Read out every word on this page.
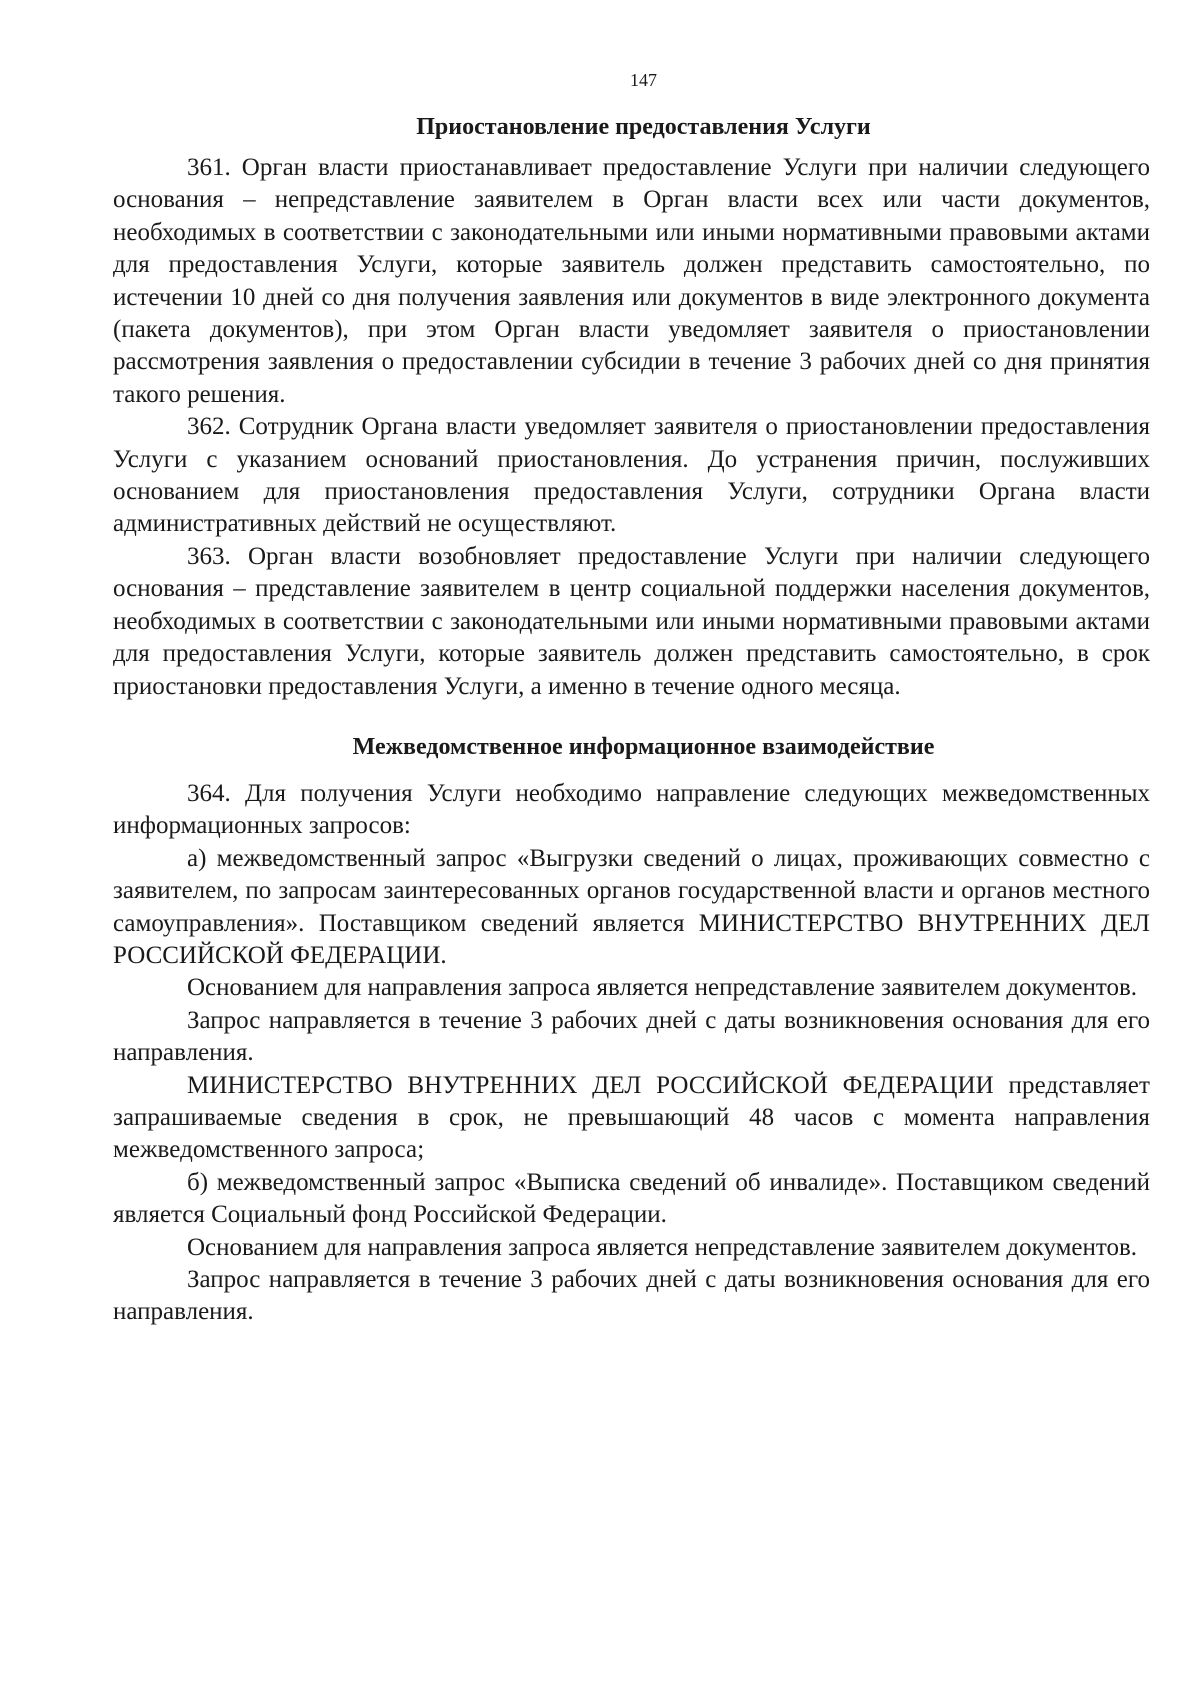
147
Приостановление предоставления Услуги

361. Орган власти приостанавливает предоставление Услуги при наличии следующего основания – непредставление заявителем в Орган власти всех или части документов, необходимых в соответствии с законодательными или иными нормативными правовыми актами для предоставления Услуги, которые заявитель должен представить самостоятельно, по истечении 10 дней со дня получения заявления или документов в виде электронного документа (пакета документов), при этом Орган власти уведомляет заявителя о приостановлении рассмотрения заявления о предоставлении субсидии в течение 3 рабочих дней со дня принятия такого решения.

362. Сотрудник Органа власти уведомляет заявителя о приостановлении предоставления Услуги с указанием оснований приостановления. До устранения причин, послуживших основанием для приостановления предоставления Услуги, сотрудники Органа власти административных действий не осуществляют.

363. Орган власти возобновляет предоставление Услуги при наличии следующего основания – представление заявителем в центр социальной поддержки населения документов, необходимых в соответствии с законодательными или иными нормативными правовыми актами для предоставления Услуги, которые заявитель должен представить самостоятельно, в срок приостановки предоставления Услуги, а именно в течение одного месяца.

Межведомственное информационное взаимодействие

364. Для получения Услуги необходимо направление следующих межведомственных информационных запросов:

а) межведомственный запрос «Выгрузки сведений о лицах, проживающих совместно с заявителем, по запросам заинтересованных органов государственной власти и органов местного самоуправления». Поставщиком сведений является МИНИСТЕРСТВО ВНУТРЕННИХ ДЕЛ РОССИЙСКОЙ ФЕДЕРАЦИИ.

Основанием для направления запроса является непредставление заявителем документов.

Запрос направляется в течение 3 рабочих дней с даты возникновения основания для его направления.

МИНИСТЕРСТВО ВНУТРЕННИХ ДЕЛ РОССИЙСКОЙ ФЕДЕРАЦИИ представляет запрашиваемые сведения в срок, не превышающий 48 часов с момента направления межведомственного запроса;

б) межведомственный запрос «Выписка сведений об инвалиде». Поставщиком сведений является Социальный фонд Российской Федерации.

Основанием для направления запроса является непредставление заявителем документов.

Запрос направляется в течение 3 рабочих дней с даты возникновения основания для его направления.
